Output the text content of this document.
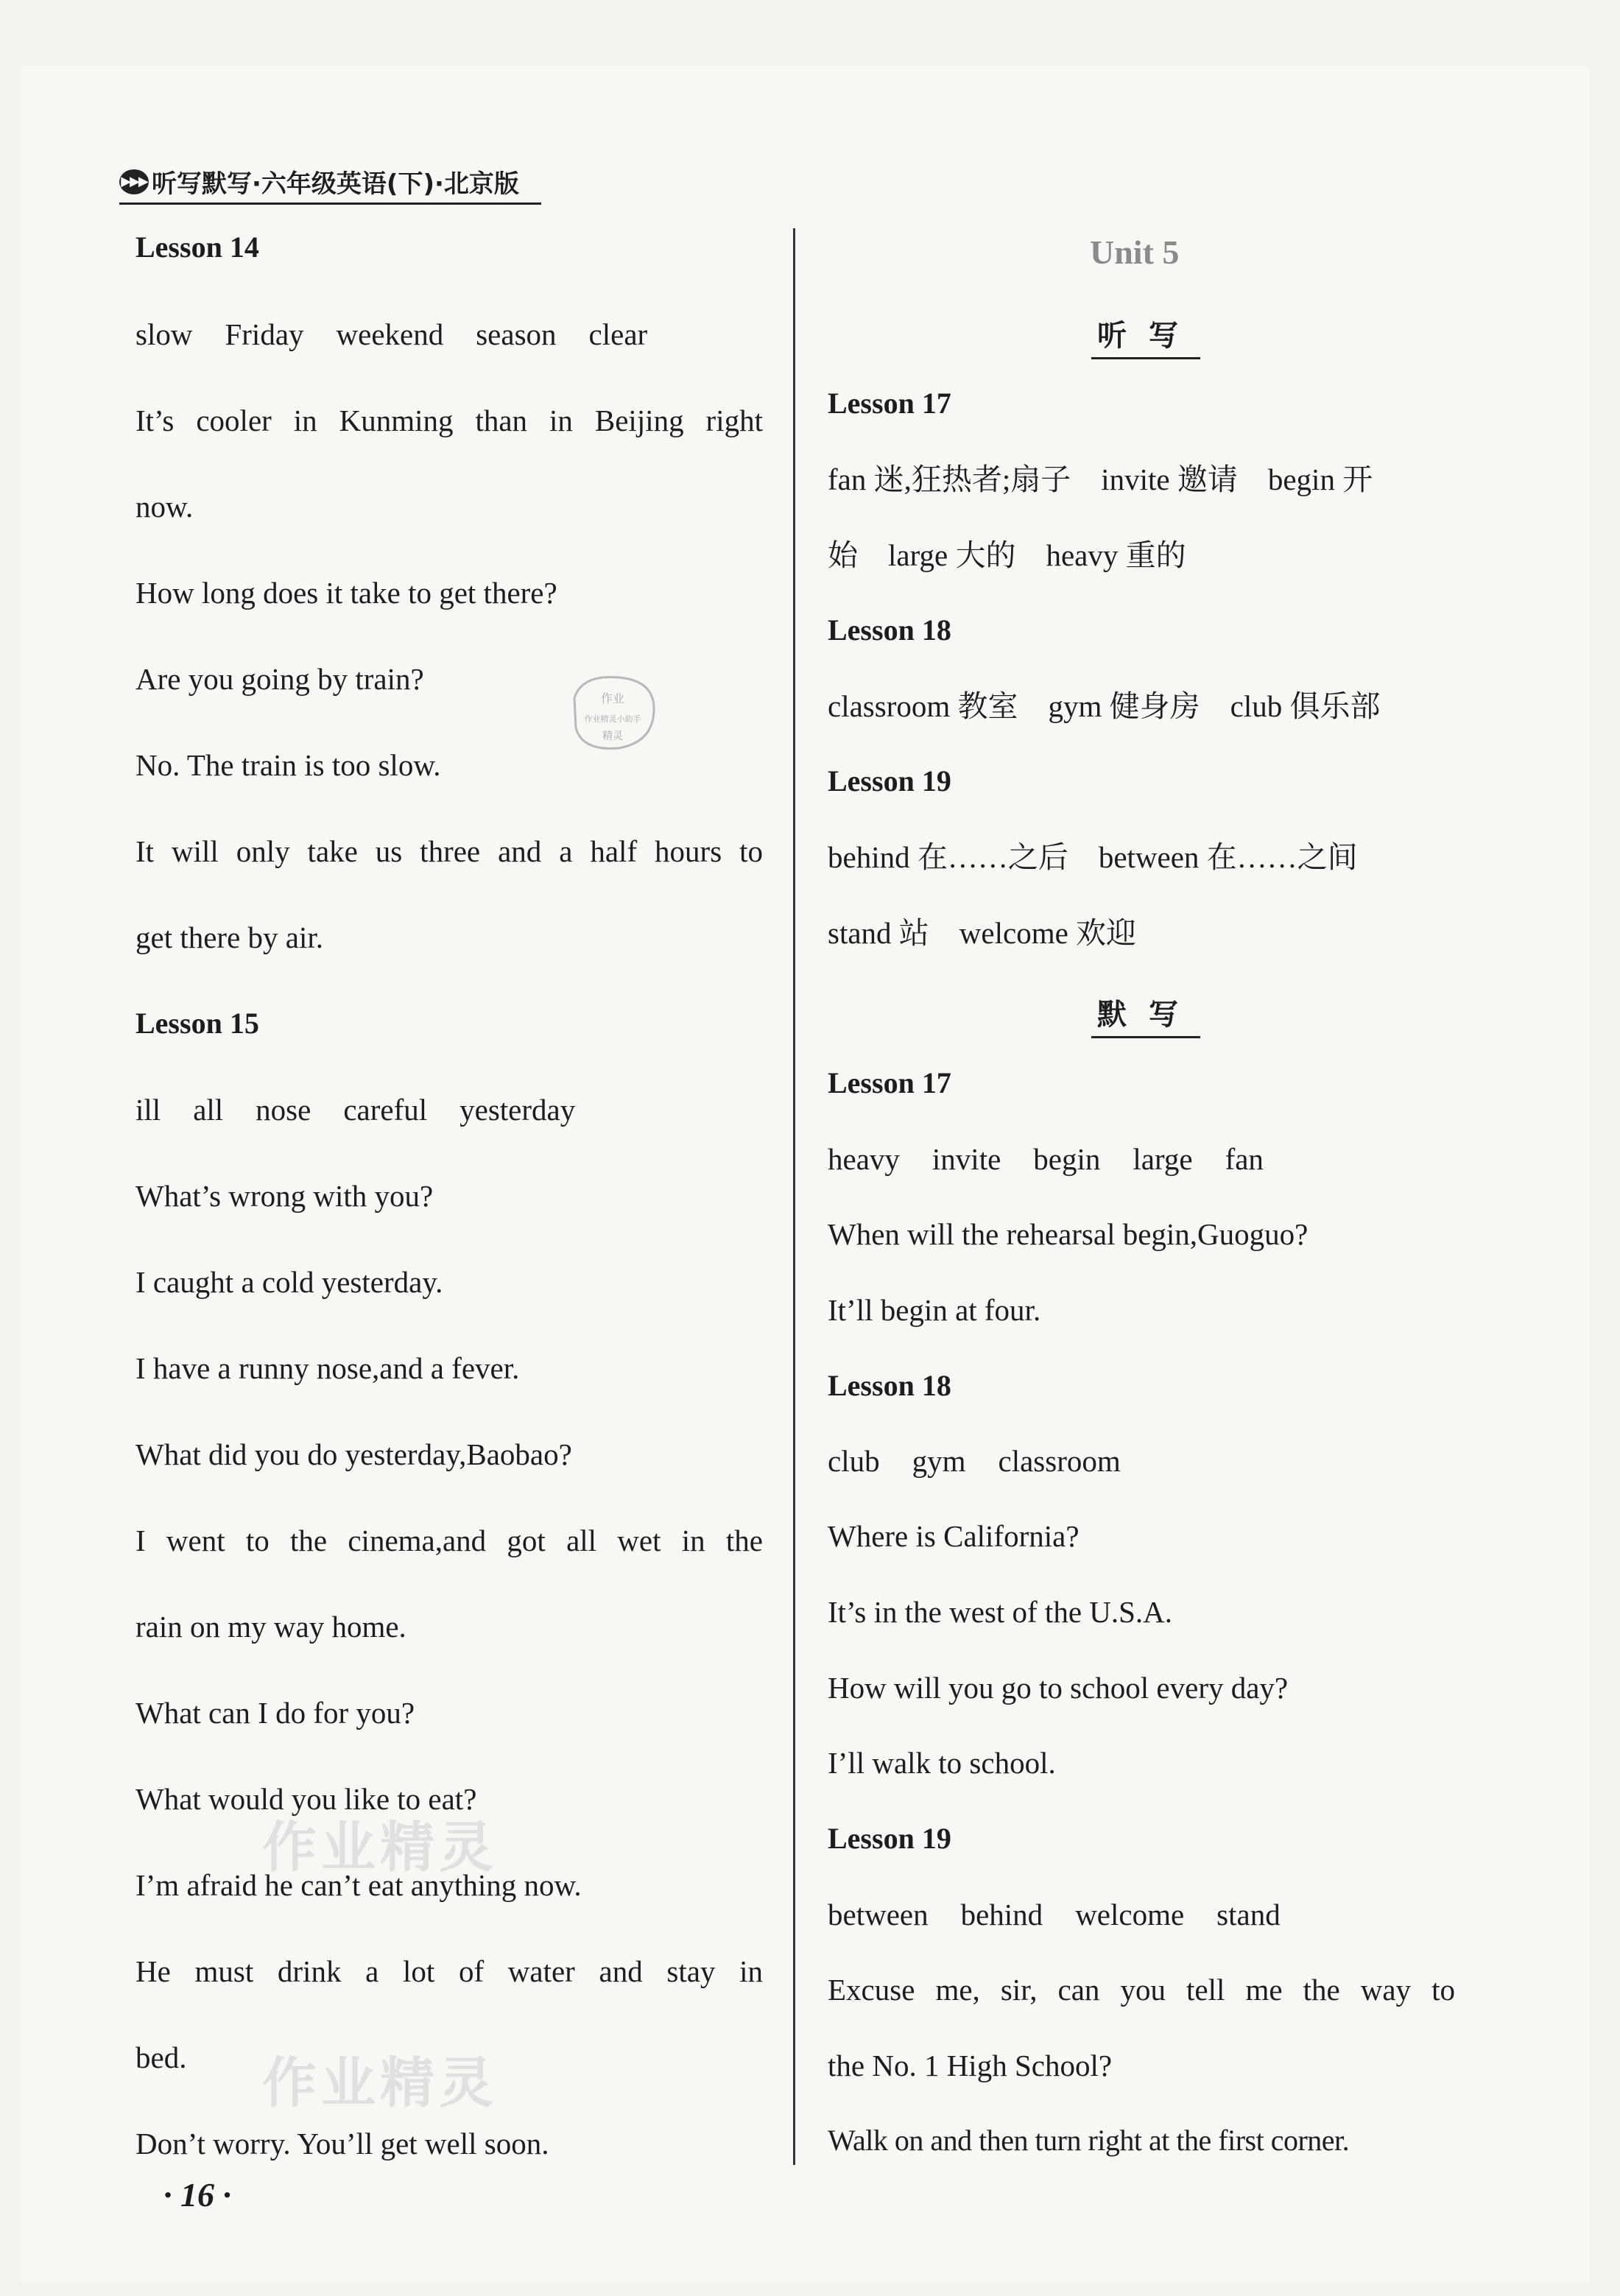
▶▶▶ 听写默写·六年级英语(下)·北京版
Lesson 14
slow Friday weekend season clear
It’s cooler in Kunming than in Beijing right
now.
How long does it take to get there?
Are you going by train?
No. The train is too slow.
It will only take us three and a half hours to
get there by air.
Lesson 15
ill all nose careful yesterday
What’s wrong with you?
I caught a cold yesterday.
I have a runny nose,and a fever.
What did you do yesterday,Baobao?
I went to the cinema,and got all wet in the
rain on my way home.
What can I do for you?
What would you like to eat?
I’m afraid he can’t eat anything now.
He must drink a lot of water and stay in
bed.
Don’t worry. You’ll get well soon.
Unit 5
听写
Lesson 17
fan 迷,狂热者;扇子　invite 邀请　begin 开
始　large 大的　heavy 重的
Lesson 18
classroom 教室　gym 健身房　club 俱乐部
Lesson 19
behind 在……之后　between 在……之间
stand 站　welcome 欢迎
默写
Lesson 17
heavy invite begin large fan
When will the rehearsal begin,Guoguo?
It’ll begin at four.
Lesson 18
club gym classroom
Where is California?
It’s in the west of the U.S.A.
How will you go to school every day?
I’ll walk to school.
Lesson 19
between behind welcome stand
Excuse me, sir, can you tell me the way to
the No. 1 High School?
Walk on and then turn right at the first corner.
· 16 ·
作业
作业精灵小助手
精灵
作业精灵
作业精灵
